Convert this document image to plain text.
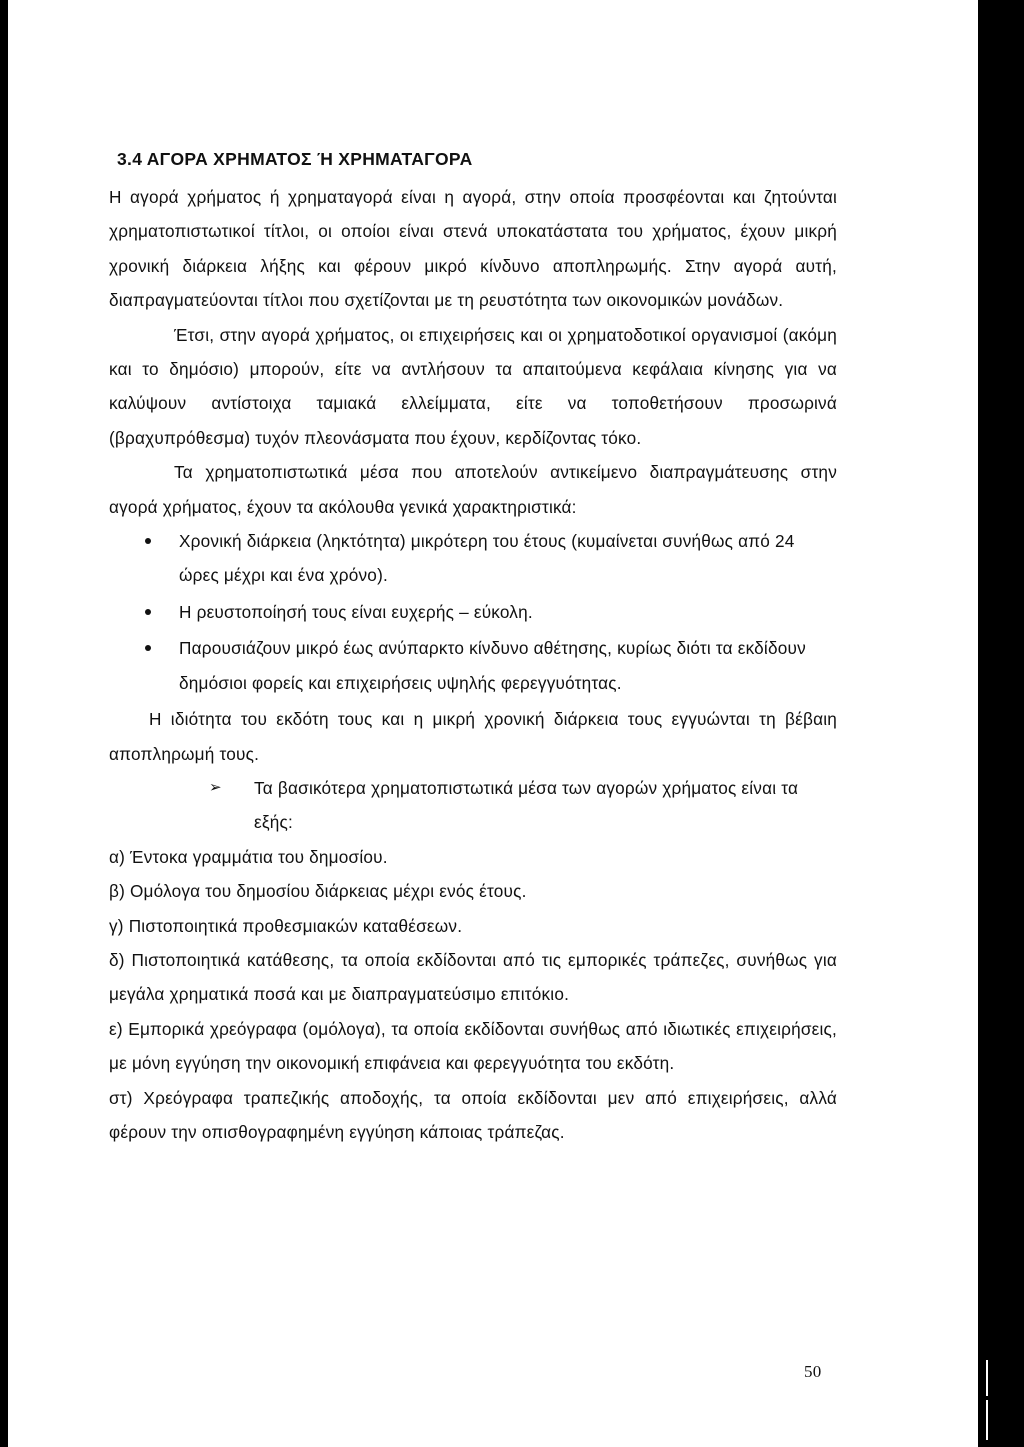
3.4 ΑΓΟΡΑ ΧΡΗΜΑΤΟΣ Ή ΧΡΗΜΑΤΑΓΟΡΑ

Η αγορά χρήματος ή χρηματαγορά είναι η αγορά, στην οποία προσφέονται και ζητούνται χρηματοπιστωτικοί τίτλοι, οι οποίοι είναι στενά υποκατάστατα του χρήματος, έχουν μικρή χρονική διάρκεια λήξης και φέρουν μικρό κίνδυνο αποπληρωμής. Στην αγορά αυτή, διαπραγματεύονται τίτλοι που σχετίζονται με τη ρευστότητα των οικονομικών μονάδων.

Έτσι, στην αγορά χρήματος, οι επιχειρήσεις και οι χρηματοδοτικοί οργανισμοί (ακόμη και το δημόσιο) μπορούν, είτε να αντλήσουν τα απαιτούμενα κεφάλαια κίνησης για να καλύψουν αντίστοιχα ταμιακά ελλείμματα, είτε να τοποθετήσουν προσωρινά (βραχυπρόθεσμα) τυχόν πλεονάσματα που έχουν, κερδίζοντας τόκο.

Τα χρηματοπιστωτικά μέσα που αποτελούν αντικείμενο διαπραγμάτευσης στην αγορά χρήματος, έχουν τα ακόλουθα γενικά χαρακτηριστικά:

Χρονική διάρκεια (ληκτότητα) μικρότερη του έτους (κυμαίνεται συνήθως από 24 ώρες μέχρι και ένα χρόνο).
Η ρευστοποίησή τους είναι ευχερής – εύκολη.
Παρουσιάζουν μικρό έως ανύπαρκτο κίνδυνο αθέτησης, κυρίως διότι τα εκδίδουν δημόσιοι φορείς και επιχειρήσεις υψηλής φερεγγυότητας.

Η ιδιότητα του εκδότη τους και η μικρή χρονική διάρκεια τους εγγυώνται τη βέβαιη αποπληρωμή τους.

➢ Τα βασικότερα χρηματοπιστωτικά μέσα των αγορών χρήματος είναι τα εξής:

α) Έντοκα γραμμάτια του δημοσίου.

β) Ομόλογα του δημοσίου διάρκειας μέχρι ενός έτους.

γ) Πιστοποιητικά προθεσμιακών καταθέσεων.

δ) Πιστοποιητικά κατάθεσης, τα οποία εκδίδονται από τις εμπορικές τράπεζες, συνήθως για μεγάλα χρηματικά ποσά και με διαπραγματεύσιμο επιτόκιο.

ε) Εμπορικά χρεόγραφα (ομόλογα), τα οποία εκδίδονται συνήθως από ιδιωτικές επιχειρήσεις, με μόνη εγγύηση την οικονομική επιφάνεια και φερεγγυότητα του εκδότη.

στ) Χρεόγραφα τραπεζικής αποδοχής, τα οποία εκδίδονται μεν από επιχειρήσεις, αλλά φέρουν την οπισθογραφημένη εγγύηση κάποιας τράπεζας.

50
